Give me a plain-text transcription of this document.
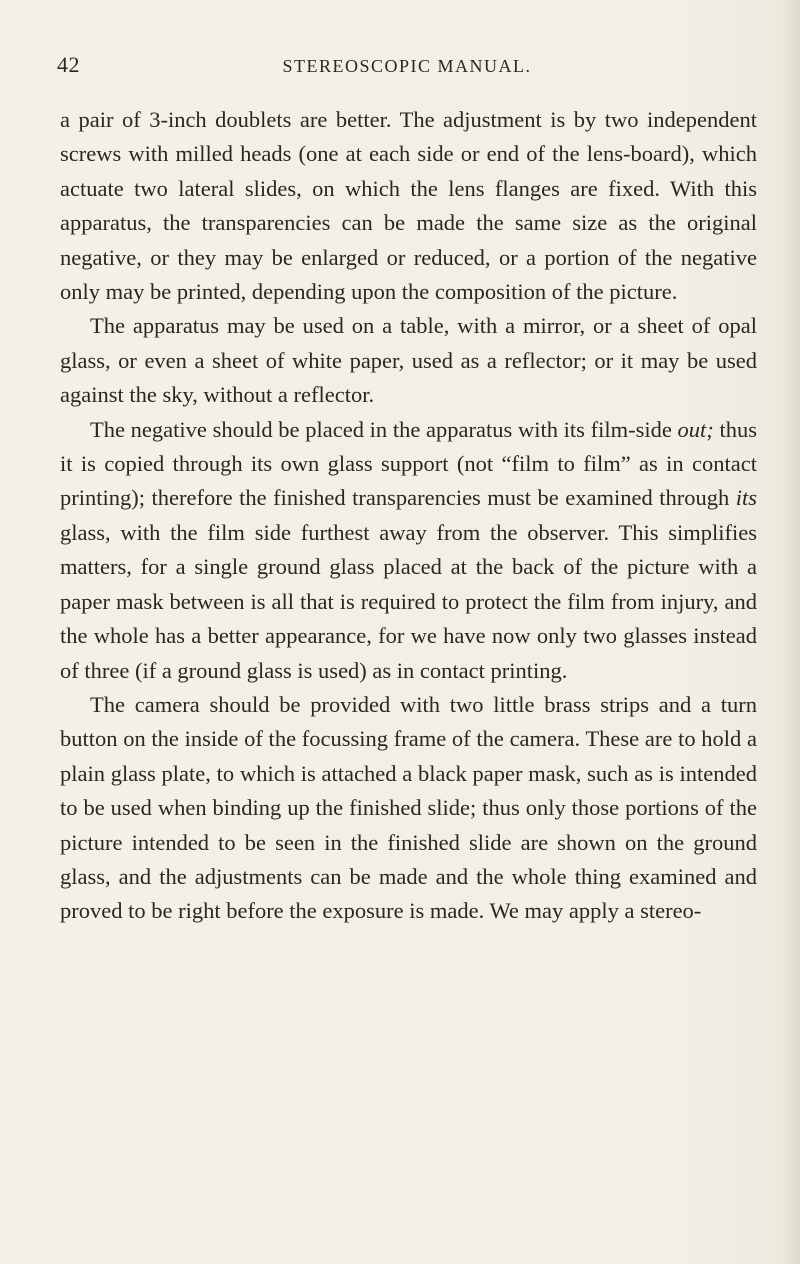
42	STEREOSCOPIC MANUAL.

a pair of 3-inch doublets are better. The adjustment is by two independent screws with milled heads (one at each side or end of the lens-board), which actuate two lateral slides, on which the lens flanges are fixed. With this apparatus, the transparencies can be made the same size as the original negative, or they may be enlarged or reduced, or a portion of the negative only may be printed, depending upon the composition of the picture.

The apparatus may be used on a table, with a mirror, or a sheet of opal glass, or even a sheet of white paper, used as a reflector; or it may be used against the sky, without a reflector.

The negative should be placed in the apparatus with its film-side out; thus it is copied through its own glass support (not “film to film” as in contact printing); therefore the finished transparencies must be examined through its glass, with the film side furthest away from the observer. This simplifies matters, for a single ground glass placed at the back of the picture with a paper mask between is all that is required to protect the film from injury, and the whole has a better appearance, for we have now only two glasses instead of three (if a ground glass is used) as in contact printing.

The camera should be provided with two little brass strips and a turn button on the inside of the focussing frame of the camera. These are to hold a plain glass plate, to which is attached a black paper mask, such as is intended to be used when binding up the finished slide; thus only those portions of the picture intended to be seen in the finished slide are shown on the ground glass, and the adjustments can be made and the whole thing examined and proved to be right before the exposure is made. We may apply a stereo-
